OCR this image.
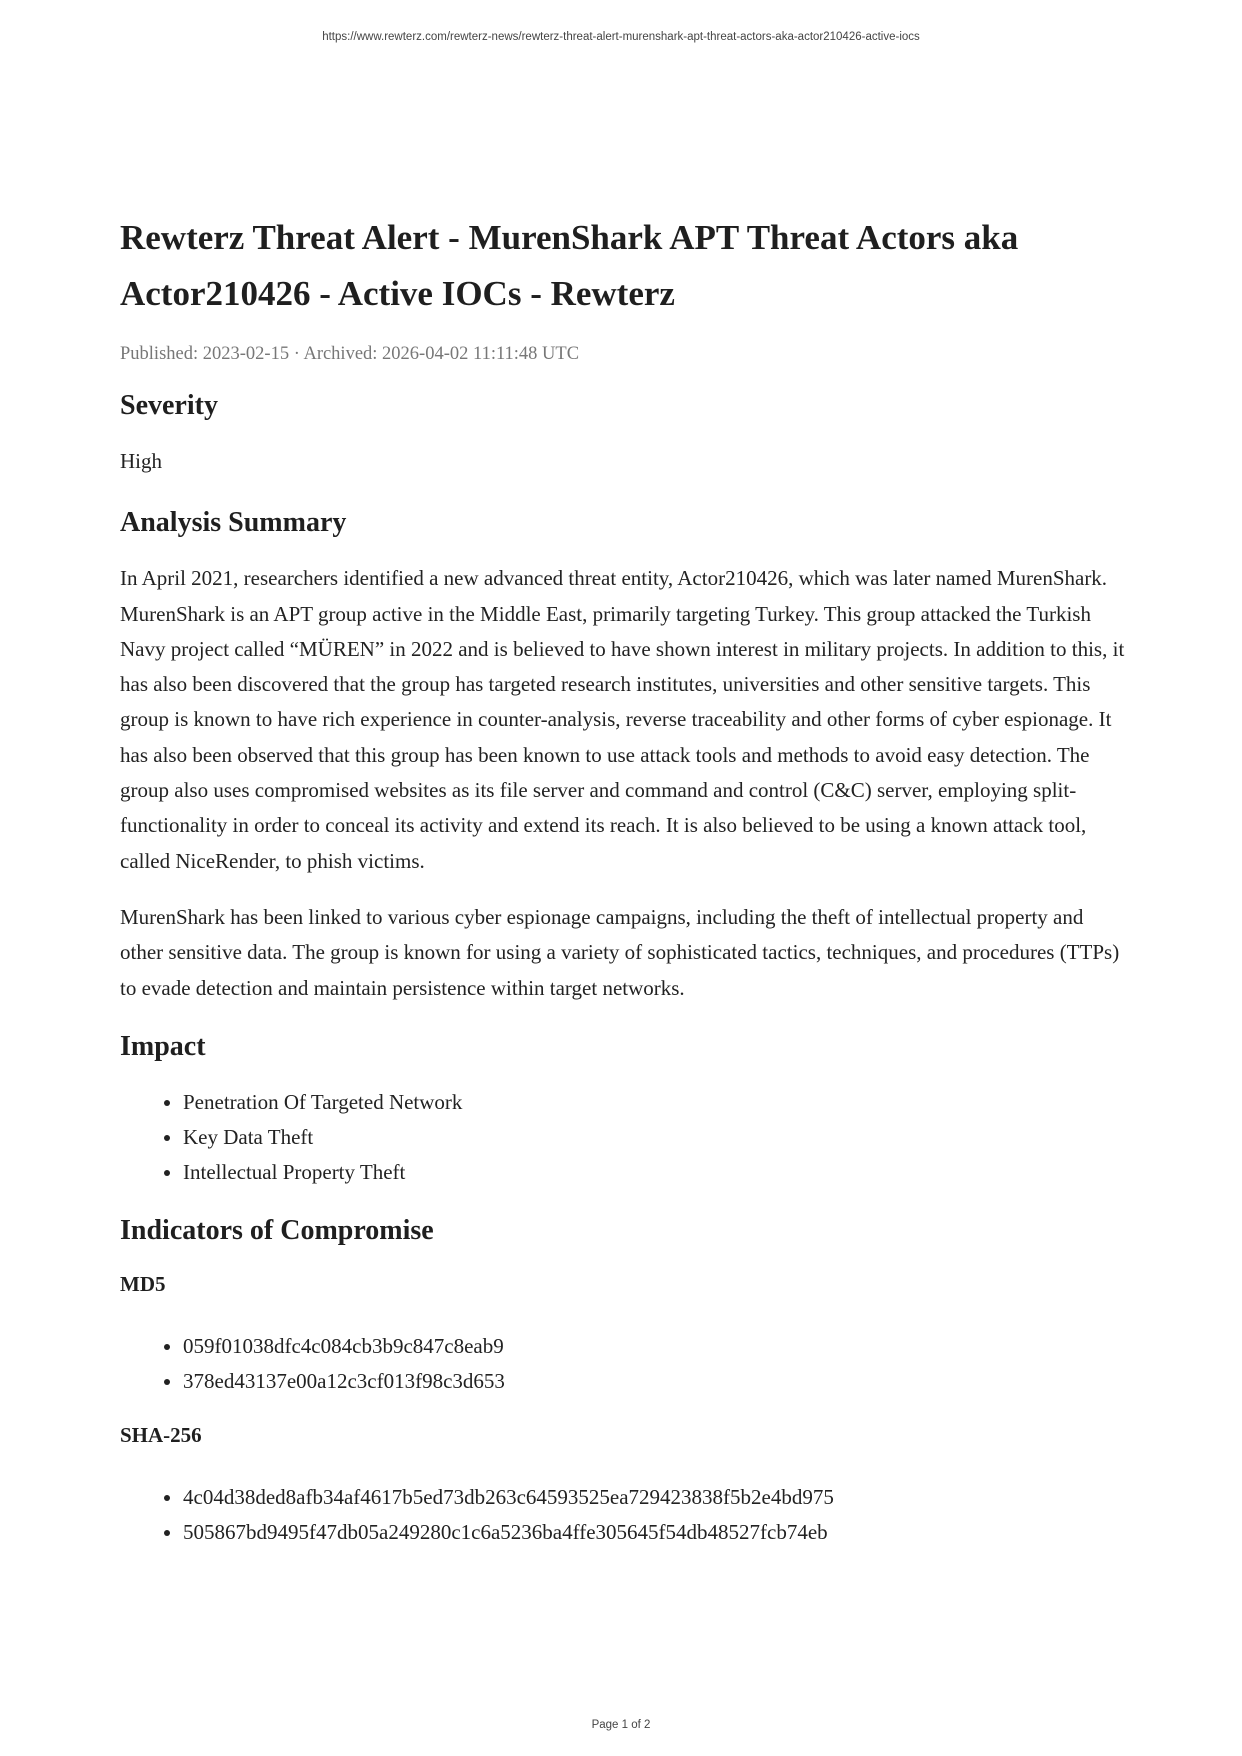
https://www.rewterz.com/rewterz-news/rewterz-threat-alert-murenshark-apt-threat-actors-aka-actor210426-active-iocs
Rewterz Threat Alert - MurenShark APT Threat Actors aka Actor210426 - Active IOCs - Rewterz
Published: 2023-02-15 · Archived: 2026-04-02 11:11:48 UTC
Severity

High

Analysis Summary

In April 2021, researchers identified a new advanced threat entity, Actor210426, which was later named MurenShark. MurenShark is an APT group active in the Middle East, primarily targeting Turkey. This group attacked the Turkish Navy project called “MÜREN” in 2022 and is believed to have shown interest in military projects. In addition to this, it has also been discovered that the group has targeted research institutes, universities and other sensitive targets. This group is known to have rich experience in counter-analysis, reverse traceability and other forms of cyber espionage. It has also been observed that this group has been known to use attack tools and methods to avoid easy detection. The group also uses compromised websites as its file server and command and control (C&C) server, employing split-functionality in order to conceal its activity and extend its reach. It is also believed to be using a known attack tool, called NiceRender, to phish victims.

MurenShark has been linked to various cyber espionage campaigns, including the theft of intellectual property and other sensitive data. The group is known for using a variety of sophisticated tactics, techniques, and procedures (TTPs) to evade detection and maintain persistence within target networks.

Impact
• Penetration Of Targeted Network
• Key Data Theft
• Intellectual Property Theft
Indicators of Compromise
MD5
• 059f01038dfc4c084cb3b9c847c8eab9
• 378ed43137e00a12c3cf013f98c3d653
SHA-256
• 4c04d38ded8afb34af4617b5ed73db263c64593525ea729423838f5b2e4bd975
• 505867bd9495f47db05a249280c1c6a5236ba4ffe305645f54db48527fcb74eb
Page 1 of 2
